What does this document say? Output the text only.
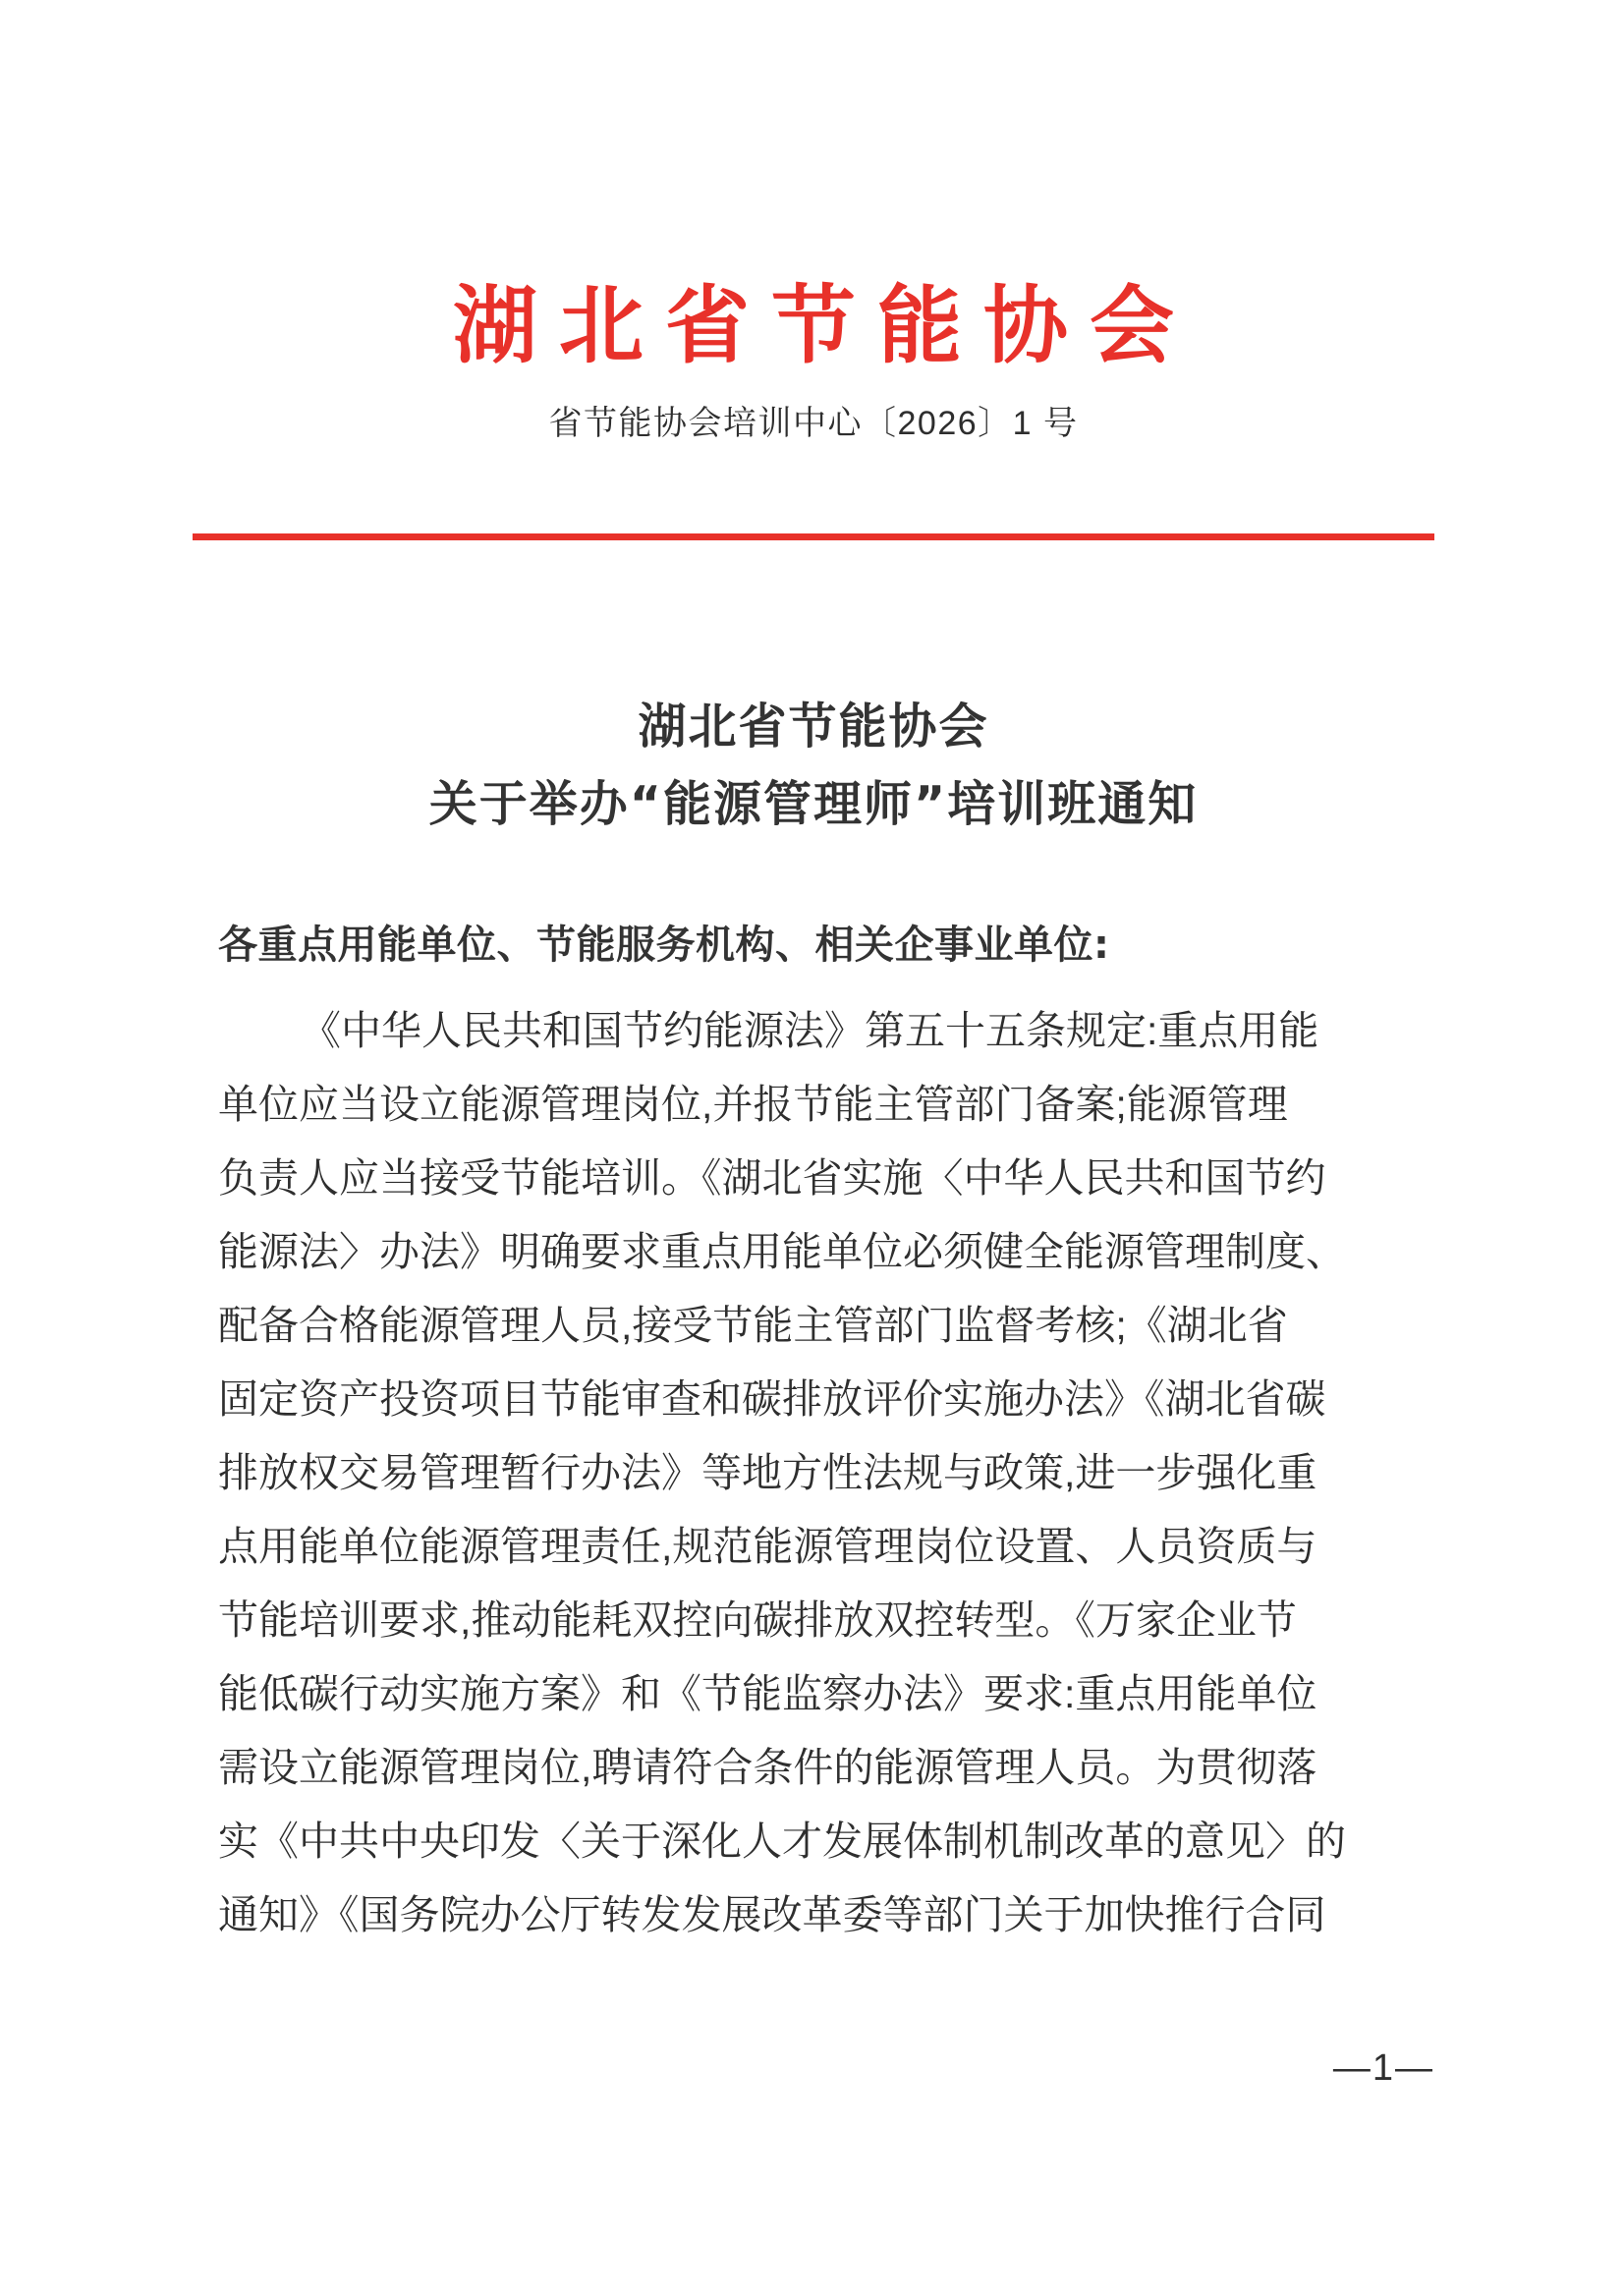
湖北省节能协会
省节能协会培训中心〔2026〕1 号
湖北省节能协会
关于举办“能源管理师”培训班通知
各重点用能单位、节能服务机构、相关企事业单位:
《中华人民共和国节约能源法》第五十五条规定:重点用能
单位应当设立能源管理岗位,并报节能主管部门备案;能源管理
负责人应当接受节能培训。《湖北省实施〈中华人民共和国节约
能源法〉办法》明确要求重点用能单位必须健全能源管理制度、
配备合格能源管理人员,接受节能主管部门监督考核;《湖北省
固定资产投资项目节能审查和碳排放评价实施办法》《湖北省碳
排放权交易管理暂行办法》等地方性法规与政策,进一步强化重
点用能单位能源管理责任,规范能源管理岗位设置、人员资质与
节能培训要求,推动能耗双控向碳排放双控转型。《万家企业节
能低碳行动实施方案》和《节能监察办法》要求:重点用能单位
需设立能源管理岗位,聘请符合条件的能源管理人员。为贯彻落
实《中共中央印发〈关于深化人才发展体制机制改革的意见〉的
通知》《国务院办公厅转发发展改革委等部门关于加快推行合同
—1—
